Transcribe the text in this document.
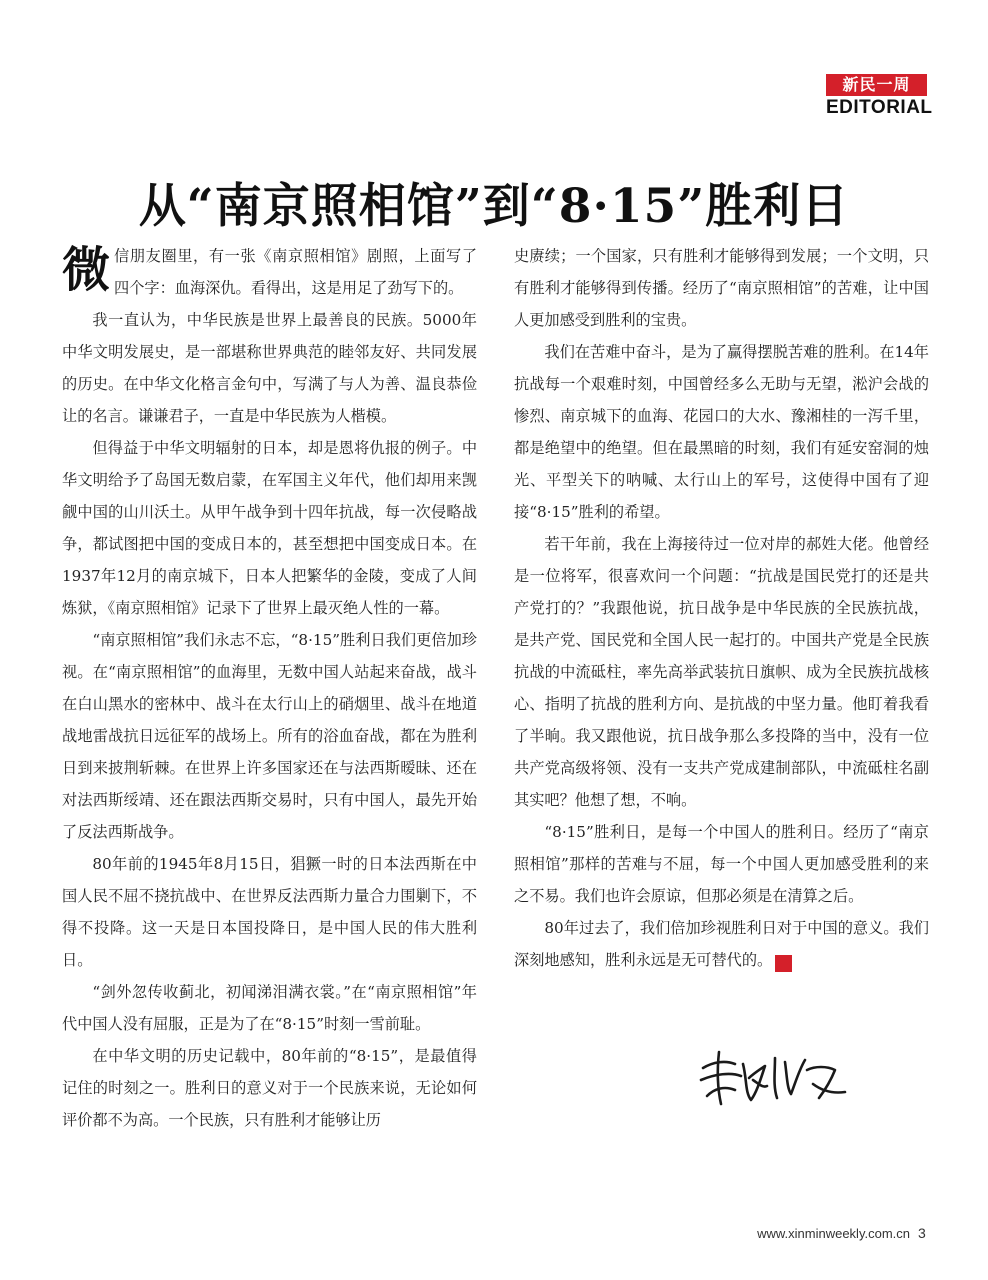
新民一周
EDITORIAL
从“南京照相馆”到“8·15”胜利日

微信朋友圈里，有一张《南京照相馆》剧照，上面写了四个字：血海深仇。看得出，这是用足了劲写下的。

我一直认为，中华民族是世界上最善良的民族。5000年中华文明发展史，是一部堪称世界典范的睦邻友好、共同发展的历史。在中华文化格言金句中，写满了与人为善、温良恭俭让的名言。谦谦君子，一直是中华民族为人楷模。

但得益于中华文明辐射的日本，却是恩将仇报的例子。中华文明给予了岛国无数启蒙，在军国主义年代，他们却用来觊觎中国的山川沃土。从甲午战争到十四年抗战，每一次侵略战争，都试图把中国的变成日本的，甚至想把中国变成日本。在1937年12月的南京城下，日本人把繁华的金陵，变成了人间炼狱，《南京照相馆》记录下了世界上最灭绝人性的一幕。

“南京照相馆”我们永志不忘，“8·15”胜利日我们更倍加珍视。在“南京照相馆”的血海里，无数中国人站起来奋战，战斗在白山黑水的密林中、战斗在太行山上的硝烟里、战斗在地道战地雷战抗日远征军的战场上。所有的浴血奋战，都在为胜利日到来披荆斩棘。在世界上许多国家还在与法西斯暧昧、还在对法西斯绥靖、还在跟法西斯交易时，只有中国人，最先开始了反法西斯战争。

80年前的1945年8月15日，猖獗一时的日本法西斯在中国人民不屈不挠抗战中、在世界反法西斯力量合力围剿下，不得不投降。这一天是日本国投降日，是中国人民的伟大胜利日。

“剑外忽传收蓟北，初闻涕泪满衣裳。”在“南京照相馆”年代中国人没有屈服，正是为了在“8·15”时刻一雪前耻。

在中华文明的历史记载中，80年前的“8·15”，是最值得记住的时刻之一。胜利日的意义对于一个民族来说，无论如何评价都不为高。一个民族，只有胜利才能够让历

史赓续；一个国家，只有胜利才能够得到发展；一个文明，只有胜利才能够得到传播。经历了“南京照相馆”的苦难，让中国人更加感受到胜利的宝贵。

我们在苦难中奋斗，是为了赢得摆脱苦难的胜利。在14年抗战每一个艰难时刻，中国曾经多么无助与无望，淞沪会战的惨烈、南京城下的血海、花园口的大水、豫湘桂的一泻千里，都是绝望中的绝望。但在最黑暗的时刻，我们有延安窑洞的烛光、平型关下的呐喊、太行山上的军号，这使得中国有了迎接“8·15”胜利的希望。

若干年前，我在上海接待过一位对岸的郝姓大佬。他曾经是一位将军，很喜欢问一个问题：“抗战是国民党打的还是共产党打的？”我跟他说，抗日战争是中华民族的全民族抗战，是共产党、国民党和全国人民一起打的。中国共产党是全民族抗战的中流砥柱，率先高举武装抗日旗帜、成为全民族抗战核心、指明了抗战的胜利方向、是抗战的中坚力量。他盯着我看了半晌。我又跟他说，抗日战争那么多投降的当中，没有一位共产党高级将领、没有一支共产党成建制部队，中流砥柱名副其实吧？他想了想，不响。

“8·15”胜利日，是每一个中国人的胜利日。经历了“南京照相馆”那样的苦难与不屈，每一个中国人更加感受胜利的来之不易。我们也许会原谅，但那必须是在清算之后。

80年过去了，我们倍加珍视胜利日对于中国的意义。我们深刻地感知，胜利永远是无可替代的。	民

www.xinminweekly.com.cn 3
